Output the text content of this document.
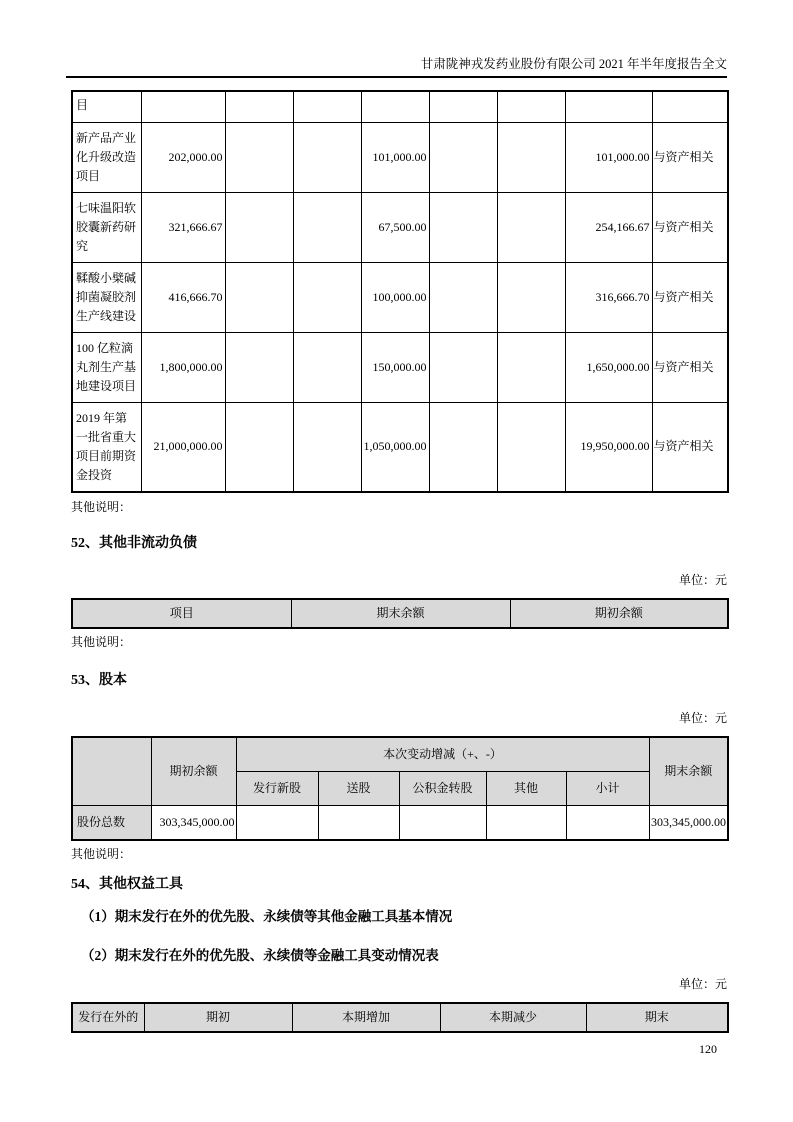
甘肃陇神戎发药业股份有限公司 2021 年半年度报告全文
目								
新产品产业化升级改造项目	202,000.00			101,000.00			101,000.00	与资产相关
七味温阳软胶囊新药研究	321,666.67			67,500.00			254,166.67	与资产相关
鞣酸小檗碱抑菌凝胶剂生产线建设	416,666.70			100,000.00			316,666.70	与资产相关
100 亿粒滴丸剂生产基地建设项目	1,800,000.00			150,000.00			1,650,000.00	与资产相关
2019 年第一批省重大项目前期资金投资	21,000,000.00			1,050,000.00			19,950,000.00	与资产相关
其他说明：
52、其他非流动负债
单位：元
项目	期末余额	期初余额
其他说明：
53、股本
单位：元
	期初余额	本次变动增减（+、-）					期末余额
		发行新股	送股	公积金转股	其他	小计	
股份总数	303,345,000.00						303,345,000.00
其他说明：
54、其他权益工具
（1）期末发行在外的优先股、永续债等其他金融工具基本情况
（2）期末发行在外的优先股、永续债等金融工具变动情况表
单位：元
发行在外的	期初	本期增加	本期减少	期末
120
